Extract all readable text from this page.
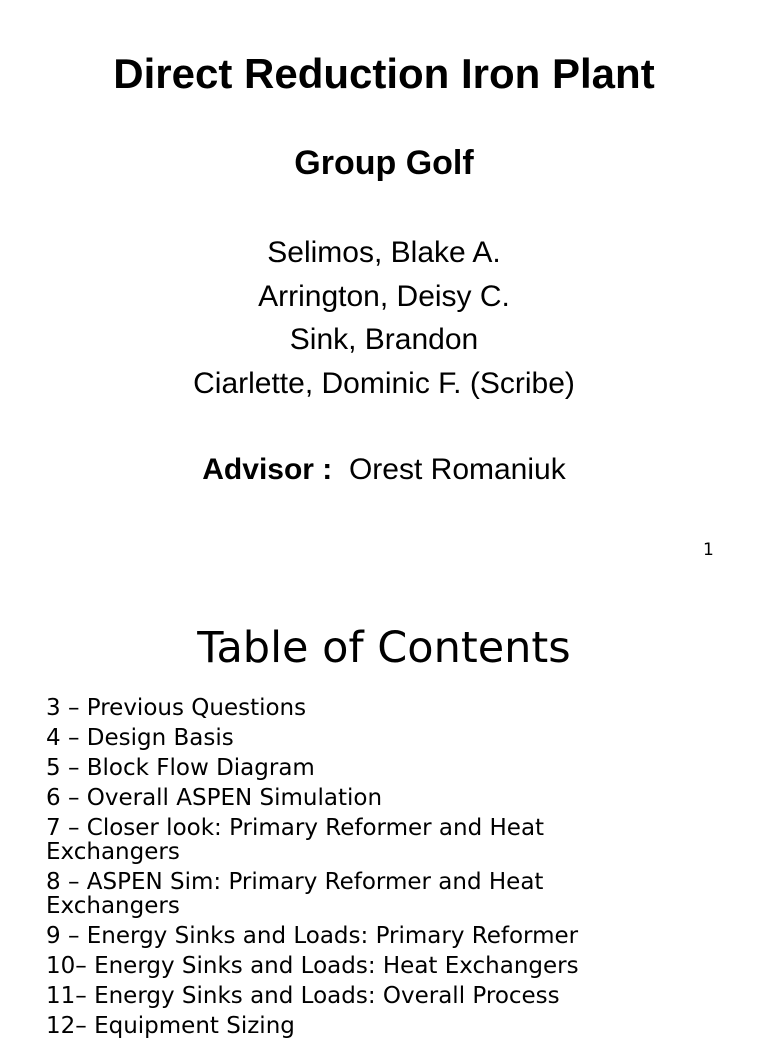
Direct Reduction Iron Plant
Group Golf
Selimos, Blake A.
Arrington, Deisy C.
Sink, Brandon
Ciarlette, Dominic F. (Scribe)
Advisor : Orest Romaniuk
1
Table of Contents
3 – Previous Questions
4 – Design Basis
5 – Block Flow Diagram
6 – Overall ASPEN Simulation
7 – Closer look: Primary Reformer and Heat Exchangers
8 – ASPEN Sim: Primary Reformer and Heat Exchangers
9 – Energy Sinks and Loads: Primary Reformer
10– Energy Sinks and Loads: Heat Exchangers
11– Energy Sinks and Loads: Overall Process
12– Equipment Sizing
